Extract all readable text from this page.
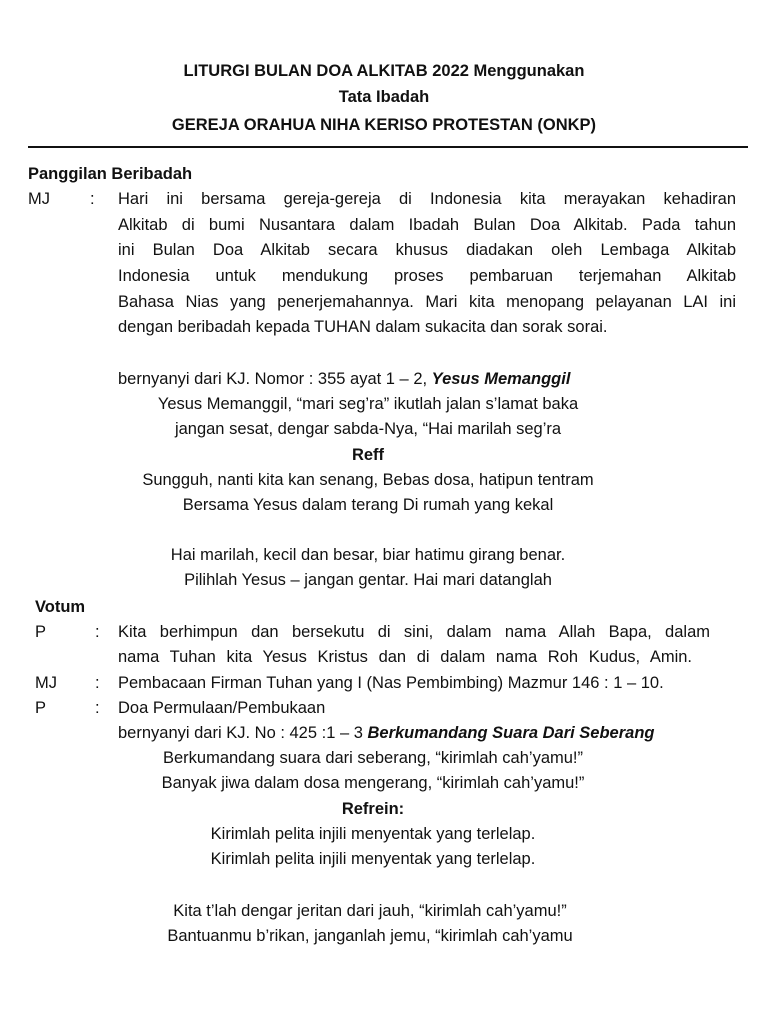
LITURGI BULAN DOA ALKITAB 2022 Menggunakan
Tata Ibadah
GEREJA ORAHUA NIHA KERISO PROTESTAN (ONKP)
Panggilan Beribadah
MJ : Hari ini bersama gereja-gereja di Indonesia kita merayakan kehadiran
Alkitab di bumi Nusantara dalam Ibadah Bulan Doa Alkitab. Pada tahun
ini Bulan Doa Alkitab secara khusus diadakan oleh Lembaga Alkitab
Indonesia untuk mendukung proses pembaruan terjemahan Alkitab
Bahasa Nias yang penerjemahannya. Mari kita menopang pelayanan LAI ini
dengan beribadah kepada TUHAN dalam sukacita dan sorak sorai.
bernyanyi dari KJ. Nomor : 355 ayat 1 – 2, Yesus Memanggil
Yesus Memanggil, “mari seg’ra” ikutlah jalan s’lamat baka
jangan sesat, dengar sabda-Nya, “Hai marilah seg’ra
Reff
Sungguh, nanti kita kan senang, Bebas dosa, hatipun tentram
Bersama Yesus dalam terang Di rumah yang kekal
Hai marilah, kecil dan besar, biar hatimu girang benar.
Pilihlah Yesus – jangan gentar. Hai mari datanglah
Votum
P	: Kita berhimpun dan bersekutu di sini, dalam nama Allah Bapa, dalam
nama Tuhan kita Yesus Kristus dan di dalam nama Roh Kudus, Amin.
MJ : Pembacaan Firman Tuhan yang I (Nas Pembimbing) Mazmur 146 : 1 – 10.
P	: Doa Permulaan/Pembukaan
bernyanyi dari KJ. No : 425 :1 – 3 Berkumandang Suara Dari Seberang
Berkumandang suara dari seberang, “kirimlah cah’yamu!”
Banyak jiwa dalam dosa mengerang, “kirimlah cah’yamu!”
Refrein:
Kirimlah pelita injili menyentak yang terlelap.
Kirimlah pelita injili menyentak yang terlelap.
Kita t’lah dengar jeritan dari jauh, “kirimlah cah’yamu!”
Bantuanmu b’rikan, janganlah jemu, “kirimlah cah’yamu
